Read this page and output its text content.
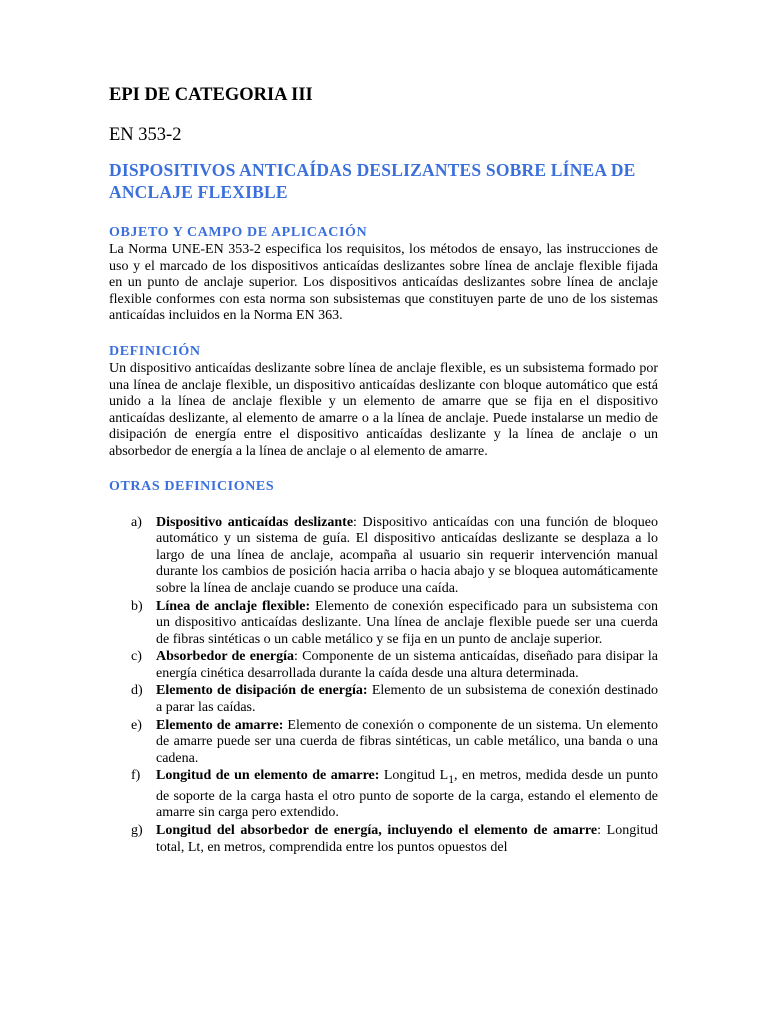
EPI DE CATEGORIA III
EN 353-2
DISPOSITIVOS ANTICAÍDAS DESLIZANTES SOBRE LÍNEA DE ANCLAJE FLEXIBLE
OBJETO Y CAMPO DE APLICACIÓN

La Norma UNE-EN 353-2 especifica los requisitos, los métodos de ensayo, las instrucciones de uso y el marcado de los dispositivos anticaídas deslizantes sobre línea de anclaje flexible fijada en un punto de anclaje superior. Los dispositivos anticaídas deslizantes sobre línea de anclaje flexible conformes con esta norma son subsistemas que constituyen parte de uno de los sistemas anticaídas incluidos en la Norma EN 363.

DEFINICIÓN

Un dispositivo anticaídas deslizante sobre línea de anclaje flexible, es un subsistema formado por una línea de anclaje flexible, un dispositivo anticaídas deslizante con bloque automático que está unido a la línea de anclaje flexible y un elemento de amarre que se fija en el dispositivo anticaídas deslizante, al elemento de amarre o a la línea de anclaje. Puede instalarse un medio de disipación de energía entre el dispositivo anticaídas deslizante y la línea de anclaje o un absorbedor de energía a la línea de anclaje o al elemento de amarre.

OTRAS DEFINICIONES
a) Dispositivo anticaídas deslizante: Dispositivo anticaídas con una función de bloqueo automático y un sistema de guía. El dispositivo anticaídas deslizante se desplaza a lo largo de una línea de anclaje, acompaña al usuario sin requerir intervención manual durante los cambios de posición hacia arriba o hacia abajo y se bloquea automáticamente sobre la línea de anclaje cuando se produce una caída.
b) Línea de anclaje flexible: Elemento de conexión especificado para un subsistema con un dispositivo anticaídas deslizante. Una línea de anclaje flexible puede ser una cuerda de fibras sintéticas o un cable metálico y se fija en un punto de anclaje superior.
c) Absorbedor de energía: Componente de un sistema anticaídas, diseñado para disipar la energía cinética desarrollada durante la caída desde una altura determinada.
d) Elemento de disipación de energía: Elemento de un subsistema de conexión destinado a parar las caídas.
e) Elemento de amarre: Elemento de conexión o componente de un sistema. Un elemento de amarre puede ser una cuerda de fibras sintéticas, un cable metálico, una banda o una cadena.
f) Longitud de un elemento de amarre: Longitud $L_1$, en metros, medida desde un punto de soporte de la carga hasta el otro punto de soporte de la carga, estando el elemento de amarre sin carga pero extendido.
g) Longitud del absorbedor de energía, incluyendo el elemento de amarre: Longitud total, Lt, en metros, comprendida entre los puntos opuestos del
